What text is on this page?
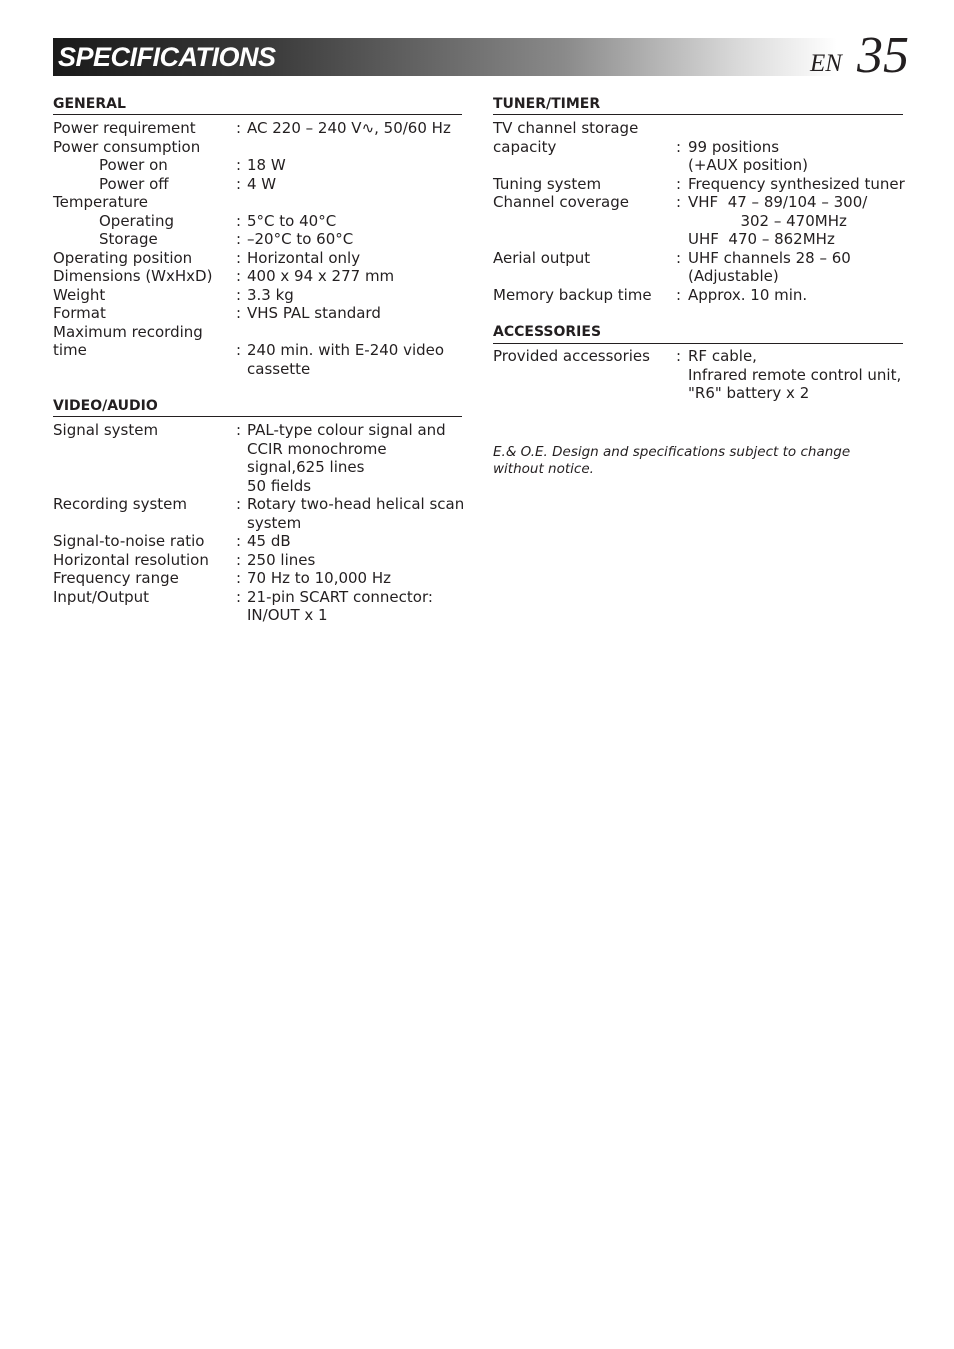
SPECIFICATIONS	EN 35
GENERAL
Power requirement	: AC 220 – 240 V∿, 50/60 Hz
Power consumption
Power on	: 18 W
Power off	: 4 W
Temperature
Operating	: 5°C to 40°C
Storage	: –20°C to 60°C
Operating position	: Horizontal only
Dimensions (WxHxD) : 400 x 94 x 277 mm
Weight	: 3.3 kg
Format	: VHS PAL standard
Maximum recording
time	: 240 min. with E-240 video
cassette
VIDEO/AUDIO
Signal system	: PAL-type colour signal and
CCIR monochrome
signal,625 lines
50 fields
Recording system	: Rotary two-head helical scan
system
Signal-to-noise ratio : 45 dB
Horizontal resolution : 250 lines
Frequency range	: 70 Hz to 10,000 Hz
Input/Output	: 21-pin SCART connector:
IN/OUT x 1
TUNER/TIMER
TV channel storage
capacity	: 99 positions
(+AUX position)
Tuning system	: Frequency synthesized tuner
Channel coverage	: VHF  47 – 89/104 – 300/
302 – 470MHz
UHF  470 – 862MHz
Aerial output	: UHF channels 28 – 60
(Adjustable)
Memory backup time : Approx. 10 min.
ACCESSORIES
Provided accessories : RF cable,
Infrared remote control unit,
"R6" battery x 2
E.& O.E. Design and specifications subject to change without notice.
